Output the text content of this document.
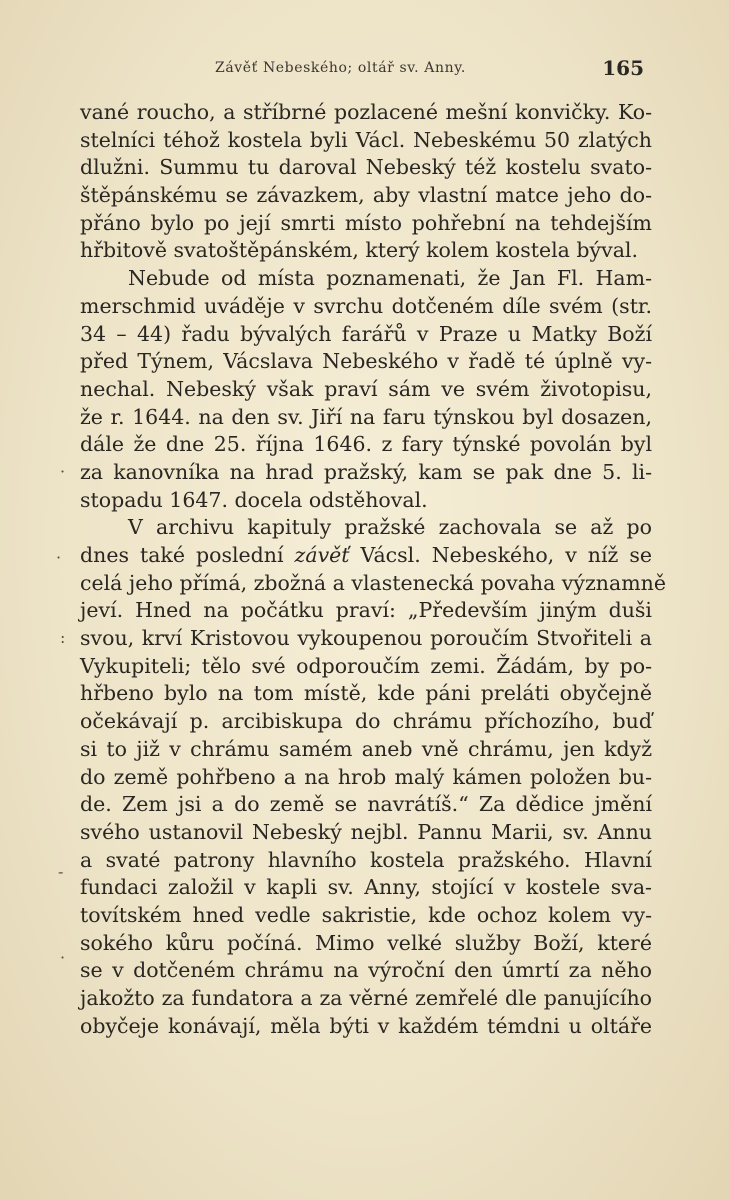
Závěť Nebeského; oltář sv. Anny.	165
·
·
:
-
·
vané roucho, a stříbrné pozlacené mešní konvičky. Ko-
stelníci téhož kostela byli Václ. Nebeskému 50 zlatých
dlužni. Summu tu daroval Nebeský též kostelu svato-
štěpánskému se závazkem, aby vlastní matce jeho do-
přáno bylo po její smrti místo pohřební na tehdejším
hřbitově svatoštěpánském, který kolem kostela býval.
Nebude od místa poznamenati, že Jan Fl. Ham-
merschmid uváděje v svrchu dotčeném díle svém (str.
34 – 44) řadu bývalých farářů v Praze u Matky Boží
před Týnem, Vácslava Nebeského v řadě té úplně vy-
nechal. Nebeský však praví sám ve svém životopisu,
že r. 1644. na den sv. Jiří na faru týnskou byl dosazen,
dále že dne 25. října 1646. z fary týnské povolán byl
za kanovníka na hrad pražský, kam se pak dne 5. li-
stopadu 1647. docela odstěhoval.
V archivu kapituly pražské zachovala se až po
dnes také poslední závěť Vácsl. Nebeského, v níž se
celá jeho přímá, zbožná a vlastenecká povaha významně
jeví. Hned na počátku praví: „Především jiným duši
svou, krví Kristovou vykoupenou poroučím Stvořiteli a
Vykupiteli; tělo své odporoučím zemi. Žádám, by po-
hřbeno bylo na tom místě, kde páni preláti obyčejně
očekávají p. arcibiskupa do chrámu příchozího, buď
si to již v chrámu samém aneb vně chrámu, jen když
do země pohřbeno a na hrob malý kámen položen bu-
de. Zem jsi a do země se navrátíš.“ Za dědice jmění
svého ustanovil Nebeský nejbl. Pannu Marii, sv. Annu
a svaté patrony hlavního kostela pražského. Hlavní
fundaci založil v kapli sv. Anny, stojící v kostele sva-
tovítském hned vedle sakristie, kde ochoz kolem vy-
sokého kůru počíná. Mimo velké služby Boží, které
se v dotčeném chrámu na výroční den úmrtí za něho
jakožto za fundatora a za věrné zemřelé dle panujícího
obyčeje konávají, měla býti v každém témdni u oltáře
